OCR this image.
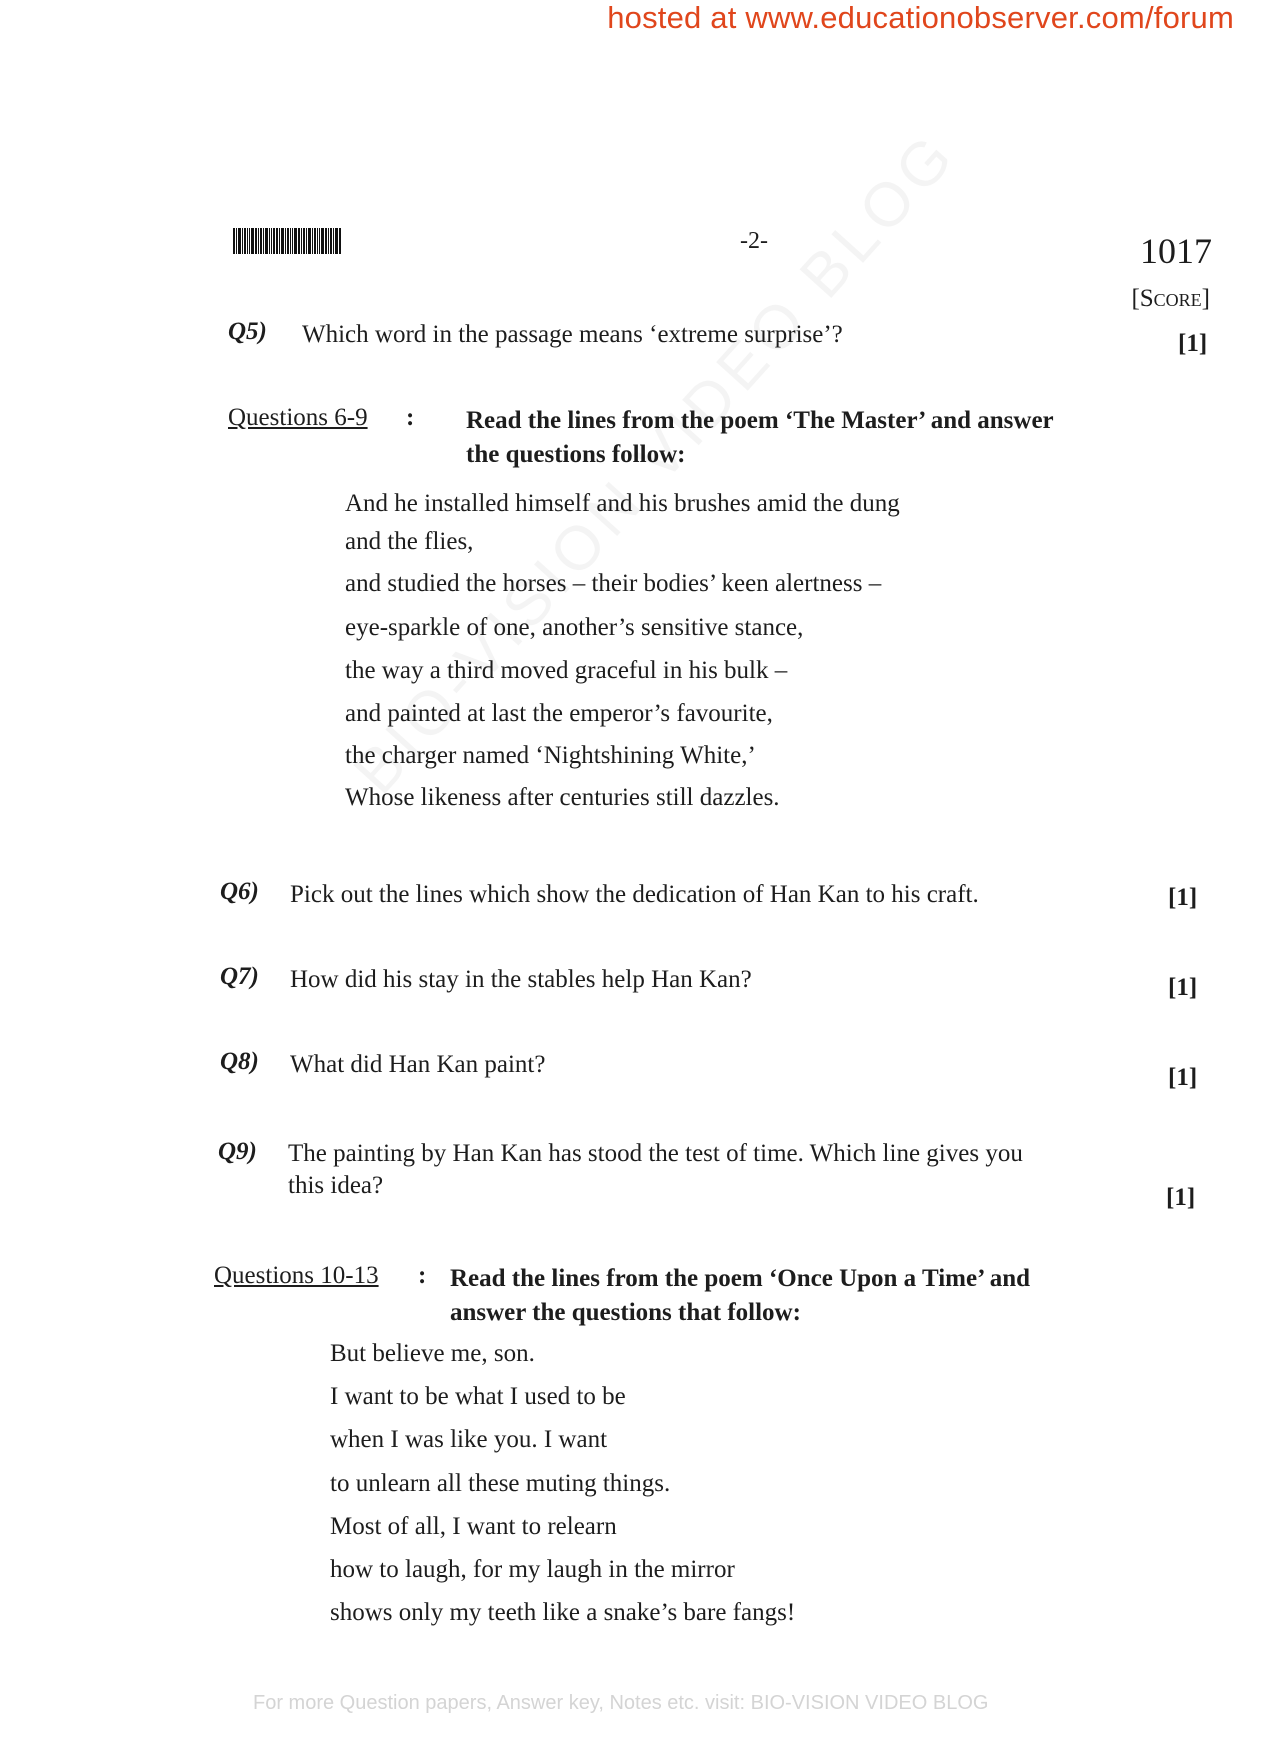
hosted at www.educationobserver.com/forum
-2-	1017
[Score]
Q5) Which word in the passage means ‘extreme surprise’?	[1]
Questions 6-9 : Read the lines from the poem ‘The Master’ and answer
the questions follow:
And he installed himself and his brushes amid the dung
and the flies,
and studied the horses – their bodies’ keen alertness –
eye-sparkle of one, another’s sensitive stance,
the way a third moved graceful in his bulk –
and painted at last the emperor’s favourite,
the charger named ‘Nightshining White,’
Whose likeness after centuries still dazzles.
Q6) Pick out the lines which show the dedication of Han Kan to his craft.	[1]
Q7) How did his stay in the stables help Han Kan?	[1]
Q8) What did Han Kan paint?	[1]
Q9) The painting by Han Kan has stood the test of time. Which line gives you
this idea?	[1]
Questions 10-13 : Read the lines from the poem ‘Once Upon a Time’ and
answer the questions that follow:
But believe me, son.
I want to be what I used to be
when I was like you. I want
to unlearn all these muting things.
Most of all, I want to relearn
how to laugh, for my laugh in the mirror
shows only my teeth like a snake’s bare fangs!
For more Question papers, Answer key, Notes etc. visit: BIO-VISION VIDEO BLOG
